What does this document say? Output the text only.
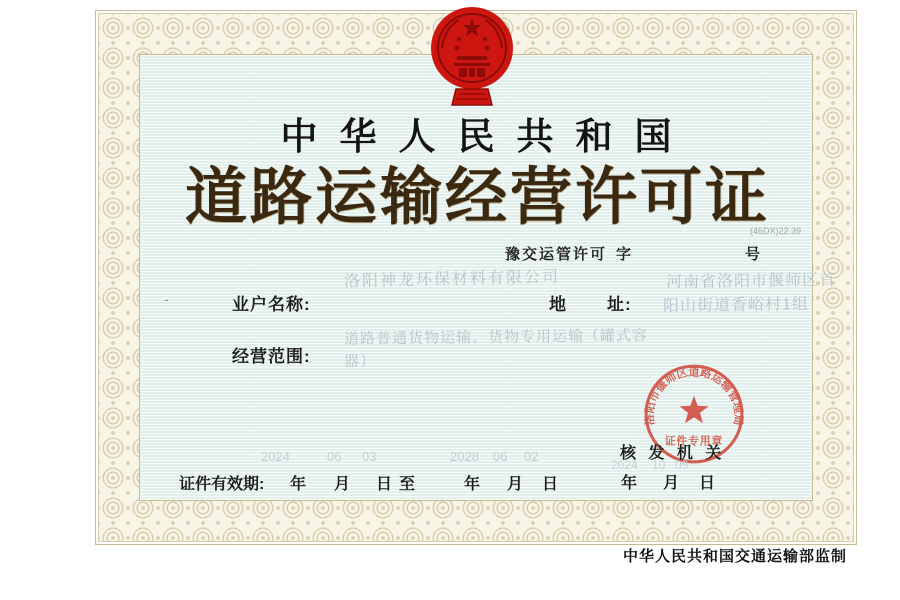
中华人民共和国
道路运输经营许可证
豫交运管许可 字	号
(46DX)22.39
洛阳神龙环保材料有限公司
-	业户名称:	地 址:
河南省洛阳市偃师区首
阳山街道香峪村1组
经营范围:
道路普通货物运输、货物专用运输（罐式容
器）
洛阳市偃师区道路运输管理局
证件专用章
核 发 机 关
2024 10 09
年 月 日
证件有效期:
2024	06 03	2028 06 02
年 月 日 至	年 月 日
中华人民共和国交通运输部监制
